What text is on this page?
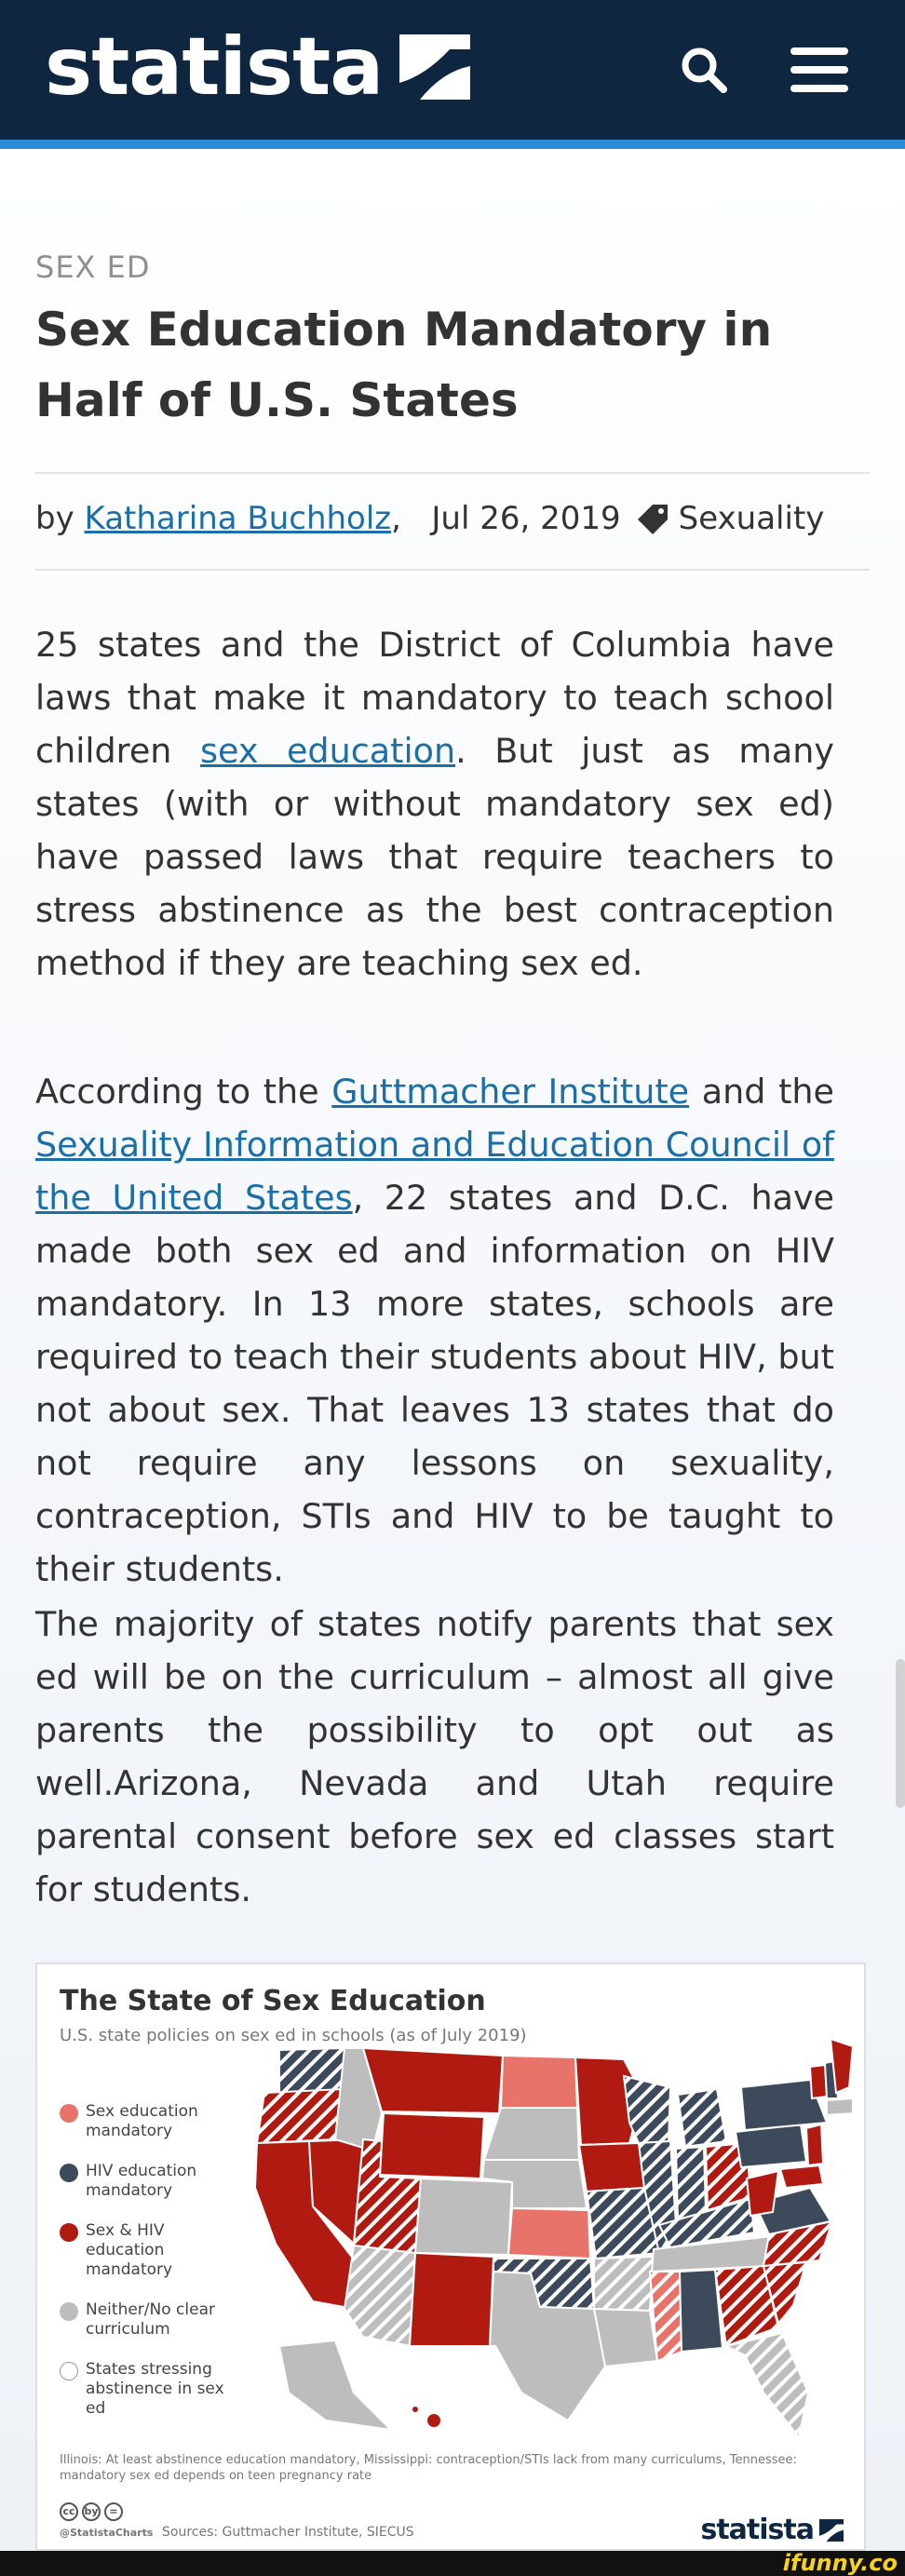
statista
SEX ED
Sex Education Mandatory in Half of U.S. States
by
Katharina Buchholz ,
Jul 26, 2019 Sexuality

25 states and the District of Columbia have laws that make it mandatory to teach school children sex education. But just as many states (with or without mandatory sex ed) have passed laws that require teachers to stress abstinence as the best contraception method if they are teaching sex ed.

According to the Guttmacher Institute and the Sexuality Information and Education Council of the United States, 22 states and D.C. have made both sex ed and information on HIV mandatory. In 13 more states, schools are required to teach their students about HIV, but not about sex. That leaves 13 states that do not require any lessons on sexuality, contraception, STIs and HIV to be taught to their students.

The majority of states notify parents that sex ed will be on the curriculum – almost all give parents the possibility to opt out as well.Arizona, Nevada and Utah require parental consent before sex ed classes start for students.

The State of Sex Education
U.S. state policies on sex ed in schools (as of July 2019)
Sex education mandatory
HIV education mandatory
Sex & HIV education mandatory
Neither/No clear curriculum
States stressing abstinence in sex ed
Illinois: At least abstinence education mandatory, Mississippi: contraception/STIs lack from many curriculums, Tennessee: mandatory sex ed depends on teen pregnancy rate
cc by	=
@StatistaCharts Sources: Guttmacher Institute, SIECUS	statista
ifunny.co
